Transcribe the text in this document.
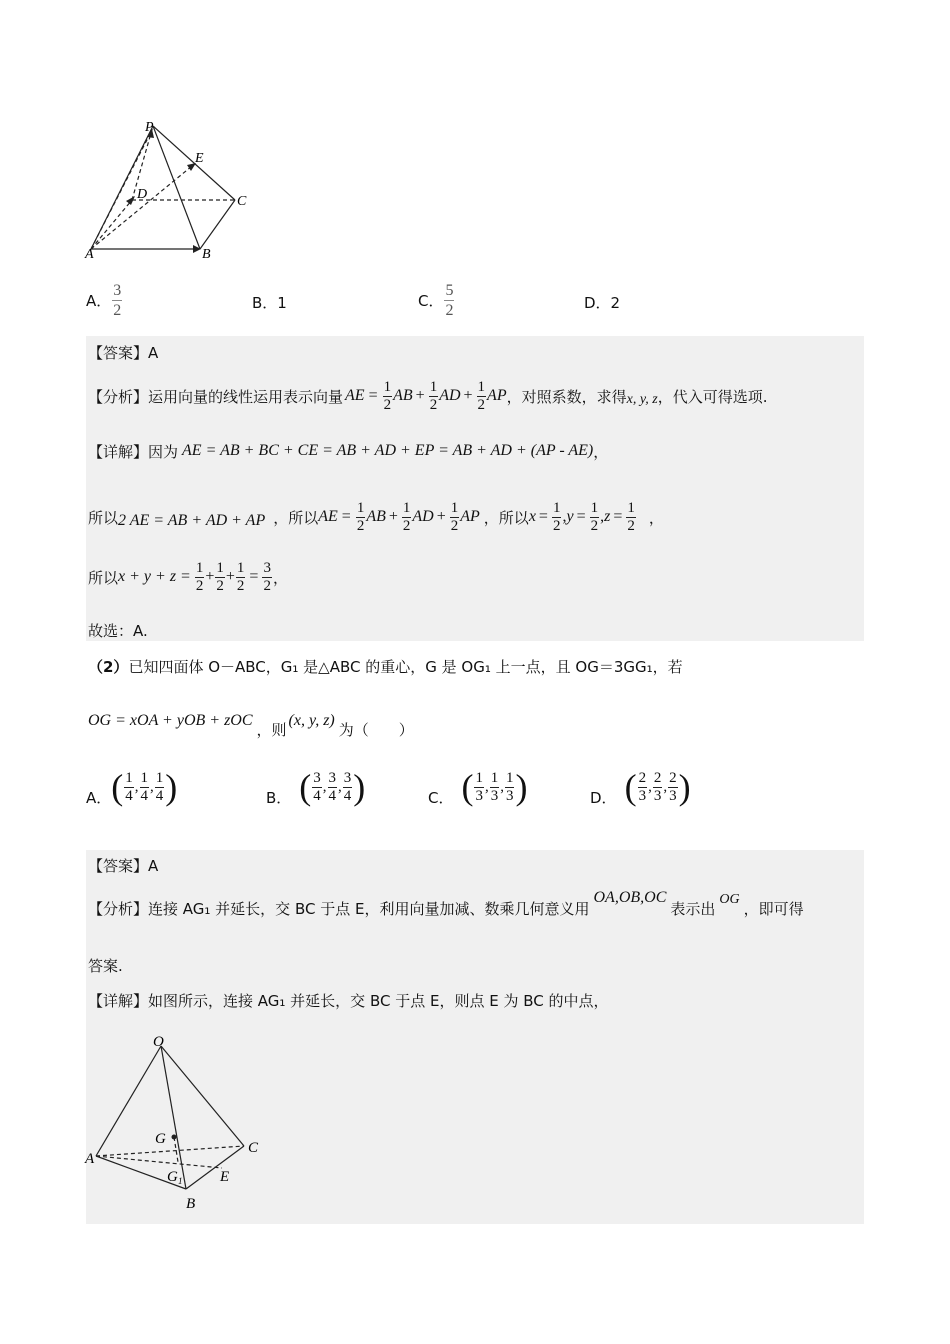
P
E
D	C
A	B
A． $\frac{3}{2}$	B．1	C． $\frac{5}{2}$	D．2
【答案】A
【分析】 运用向量的线性运用表示向量 AE = $\frac{1}{2}$ AB + $\frac{1}{2}$ AD + $\frac{1}{2}$ AP ，对照系数，求得 x, y, z ，代入可得选项.
【详解】 因为 AE = AB + BC + CE = AB + AD + EP = AB + AD + (AP - AE) ，
所以 2 AE = AB + AD + AP ，所以 AE = $\frac{1}{2}$ AB + $\frac{1}{2}$ AD + $\frac{1}{2}$ AP ，所以 $x = \frac{1}{2}$ , $y = \frac{1}{2}$ , $z = \frac{1}{2}$ ，
所以 $x + y + z = \frac{1}{2} + \frac{1}{2} + \frac{1}{2} = \frac{3}{2}$ ，
故选：A.
（2）已知四面体 O－ABC，G₁ 是△ABC 的重心，G 是 OG₁ 上一点，且 OG＝3GG₁，若
OG = xOA + yOB + zOC ，则 (x, y, z) 为（　　）
A． ( $\frac{1}{4}$ , $\frac{1}{4}$ , $\frac{1}{4}$ )	B． ( $\frac{3}{4}$ , $\frac{3}{4}$ , $\frac{3}{4}$ )	C． ( $\frac{1}{3}$ , $\frac{1}{3}$ , $\frac{1}{3}$ )	D． ( $\frac{2}{3}$ , $\frac{2}{3}$ , $\frac{2}{3}$ )
【答案】A
【分析】 连接 AG₁ 并延长，交 BC 于点 E，利用向量加减、数乘几何意义用
OA,OB,OC
表示出 OG ，即可得
答案.
【详解】如图所示，连接 AG₁ 并延长，交 BC 于点 E，则点 E 为 BC 的中点，
O
G
C
A
G 1	E
B
